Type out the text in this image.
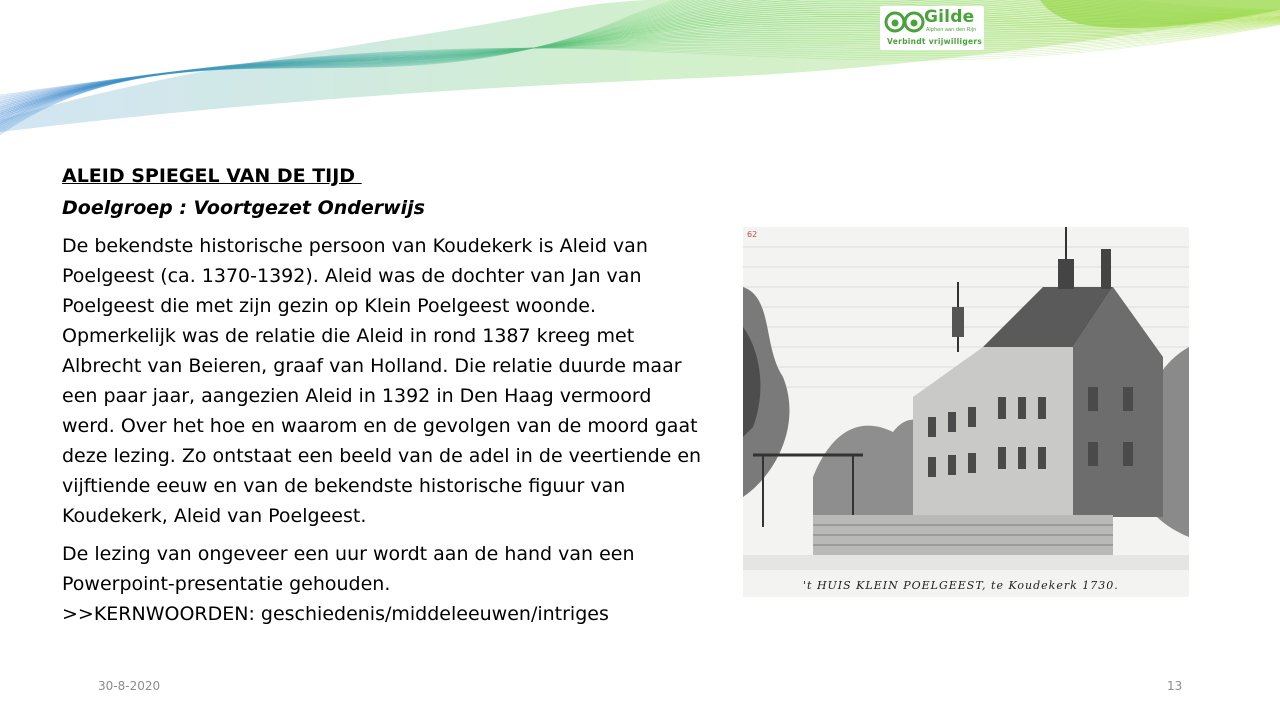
Gilde
Alphen aan den Rijn
Verbindt vrijwilligers

ALEID SPIEGEL VAN DE TIJD

Doelgroep : Voortgezet Onderwijs

De bekendste historische persoon van Koudekerk is Aleid van Poelgeest (ca. 1370-1392). Aleid was de dochter van Jan van Poelgeest die met zijn gezin op Klein Poelgeest woonde. Opmerkelijk was de relatie die Aleid in rond 1387 kreeg met Albrecht van Beieren, graaf van Holland. Die relatie duurde maar een paar jaar, aangezien Aleid in 1392 in Den Haag vermoord werd. Over het hoe en waarom en de gevolgen van de moord gaat deze lezing. Zo ontstaat een beeld van de adel in de veertiende en vijftiende eeuw en van de bekendste historische figuur van Koudekerk, Aleid van Poelgeest.

De lezing van ongeveer een uur wordt aan de hand van een Powerpoint-presentatie gehouden.
>>KERNWOORDEN: geschiedenis/middeleeuwen/intriges

62
't HUIS KLEIN POELGEEST, te Koudekerk 1730.
30-8-2020	13
